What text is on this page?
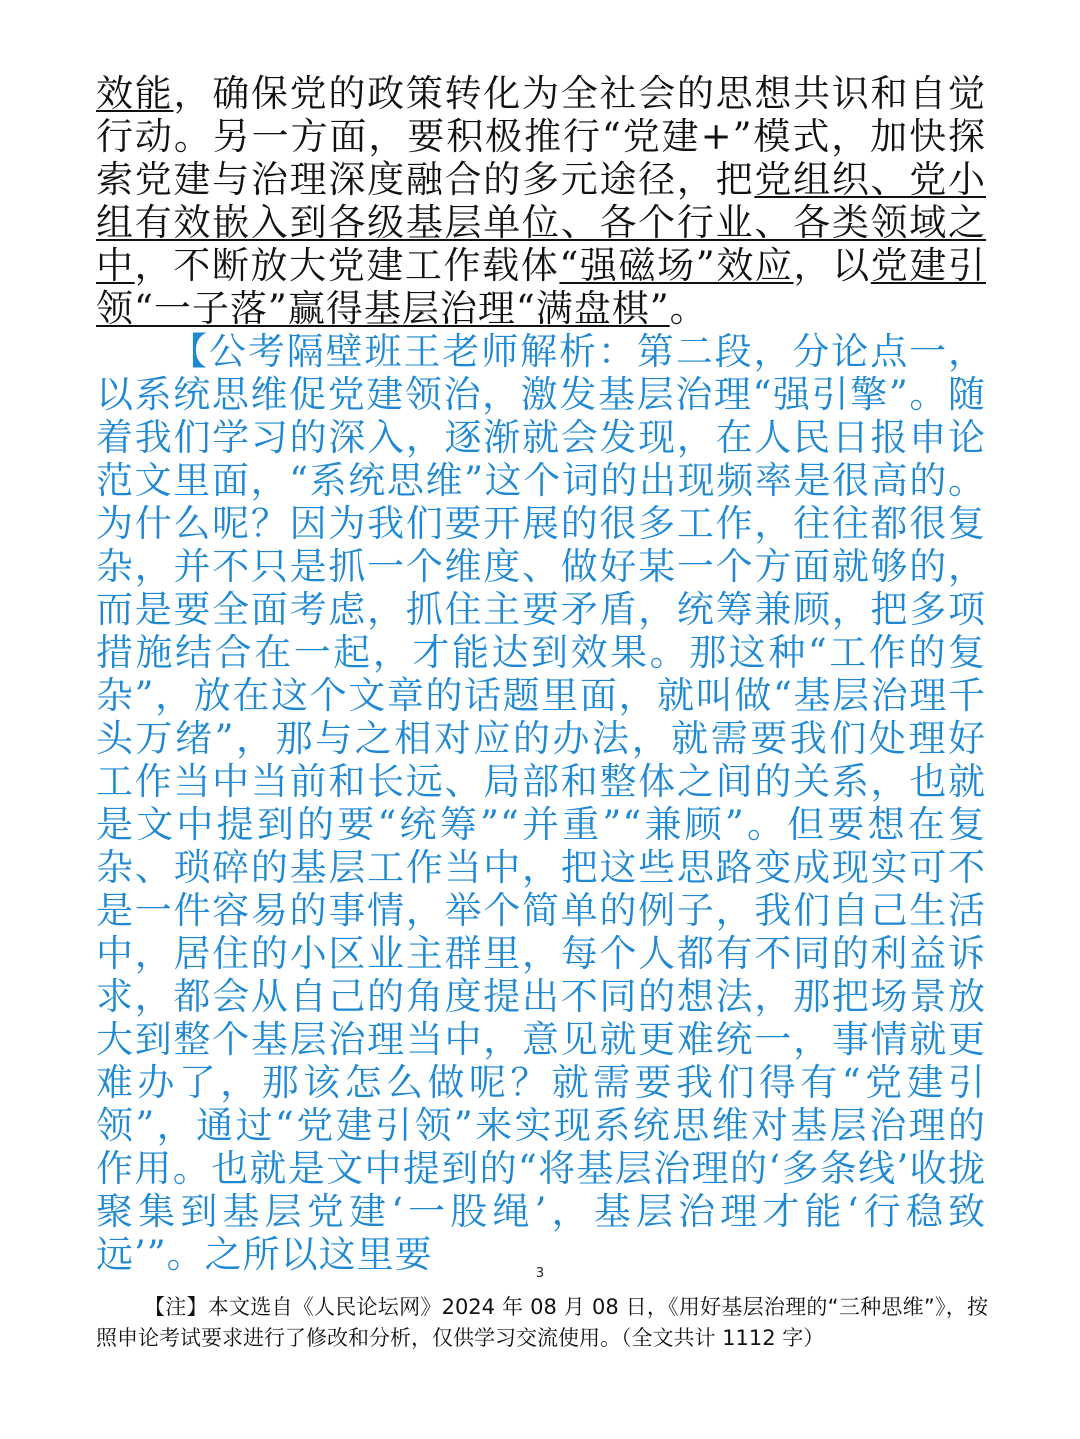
效能，确保党的政策转化为全社会的思想共识和自觉行动。另一方面，要积极推行“党建+”模式，加快探索党建与治理深度融合的多元途径，把党组织、党小组有效嵌入到各级基层单位、各个行业、各类领域之中，不断放大党建工作载体“强磁场”效应，以党建引领“一子落”赢得基层治理“满盘棋”。

【公考隔壁班王老师解析：第二段，分论点一，以系统思维促党建领治，激发基层治理“强引擎”。随着我们学习的深入，逐渐就会发现，在人民日报申论范文里面，“系统思维”这个词的出现频率是很高的。为什么呢？因为我们要开展的很多工作，往往都很复杂，并不只是抓一个维度、做好某一个方面就够的，而是要全面考虑，抓住主要矛盾，统筹兼顾，把多项措施结合在一起，才能达到效果。那这种“工作的复杂”，放在这个文章的话题里面，就叫做“基层治理千头万绪”，那与之相对应的办法，就需要我们处理好工作当中当前和长远、局部和整体之间的关系，也就是文中提到的要“统筹”“并重”“兼顾”。但要想在复杂、琐碎的基层工作当中，把这些思路变成现实可不是一件容易的事情，举个简单的例子，我们自己生活中，居住的小区业主群里，每个人都有不同的利益诉求，都会从自己的角度提出不同的想法，那把场景放大到整个基层治理当中，意见就更难统一，事情就更难办了，那该怎么做呢？就需要我们得有“党建引领”，通过“党建引领”来实现系统思维对基层治理的作用。也就是文中提到的“将基层治理的‘多条线’收拢聚集到基层党建‘一股绳’，基层治理才能‘行稳致远’”。之所以这里要	3
【注】本文选自《人民论坛网》2024 年 08 月 08 日，《用好基层治理的“三种思维”》，按照申论考试要求进行了修改和分析，仅供学习交流使用。（全文共计 1112 字）
